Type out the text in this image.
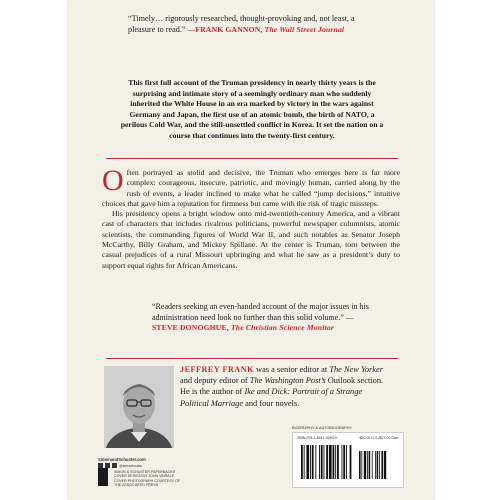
“Timely… rigorously researched, thought-provoking and, not least, a pleasure to read.” —FRANK GANNON, The Wall Street Journal
This first full account of the Truman presidency in nearly thirty years is the surprising and intimate story of a seemingly ordinary man who suddenly inherited the White House in an era marked by victory in the wars against Germany and Japan, the first use of an atomic bomb, the birth of NATO, a perilous Cold War, and the still-unsettled conflict in Korea. It set the nation on a course that continues into the twenty-first century.

Often portrayed as stolid and decisive, the Truman who emerges here is far more complex: courageous, insecure, patriotic, and movingly human, carried along by the rush of events, a leader inclined to make what he called “jump decisions,” intuitive choices that gave him a reputation for firmness but came with the risk of tragic missteps.

His presidency opens a bright window onto mid-twentieth-century America, and a vibrant cast of characters that includes rivalrous politicians, powerful newspaper columnists, atomic scientists, the commanding figures of World War II, and such notables as Senator Joseph McCarthy, Billy Graham, and Mickey Spillane. At the center is Truman, torn between the casual prejudices of a rural Missouri upbringing and what he saw as a president’s duty to support equal rights for African Americans.

“Readers seeking an even-handed account of the major issues in his administration need look no further than this solid volume.” —STEVE DONOGHUE, The Christian Science Monitor
JEFFREY FRANK was a senior editor at The New Yorker and deputy editor of The Washington Post’s Outlook section. He is the author of Ike and Dick: Portrait of a Strange Political Marriage and four novels.
SimonandSchuster.com
@simonbooks
SIMON & SCHUSTER PAPERBACKS
COVER DESIGN BY JOHN VAIRALE
COVER PHOTOGRAPH COURTESY OF THE ASSOCIATED PRESS
BIOGRAPHY & AUTOBIOGRAPHY
ISBN 978-1-5011-0293-5	$20.00 U.S./$27.00 Can.
